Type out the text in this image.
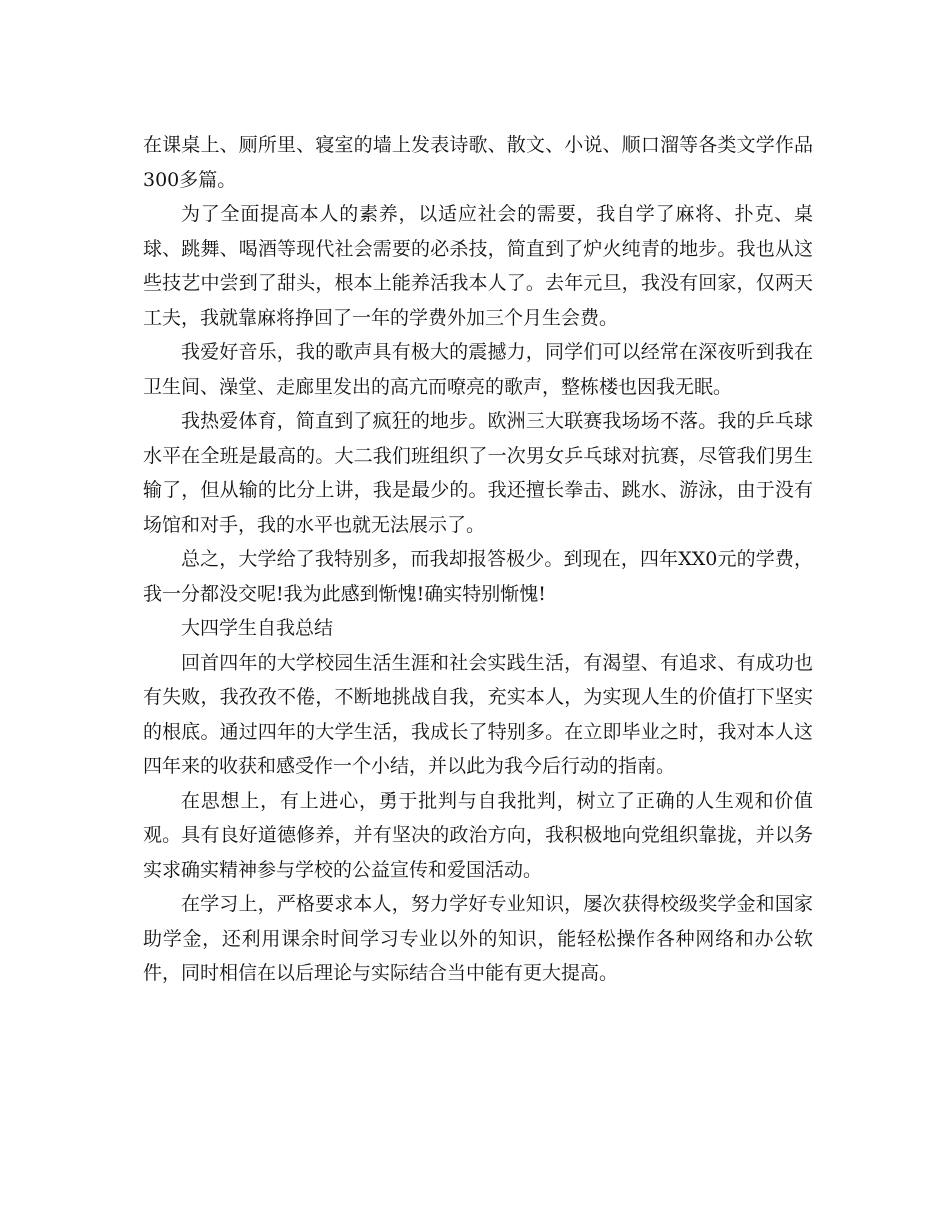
在课桌上、厕所里、寝室的墙上发表诗歌、散文、小说、顺口溜等各类文学作品300多篇。

为了全面提高本人的素养，以适应社会的需要，我自学了麻将、扑克、桌球、跳舞、喝酒等现代社会需要的必杀技，简直到了炉火纯青的地步。我也从这些技艺中尝到了甜头，根本上能养活我本人了。去年元旦，我没有回家，仅两天工夫，我就靠麻将挣回了一年的学费外加三个月生会费。

我爱好音乐，我的歌声具有极大的震撼力，同学们可以经常在深夜听到我在卫生间、澡堂、走廊里发出的高亢而嘹亮的歌声，整栋楼也因我无眠。

我热爱体育，简直到了疯狂的地步。欧洲三大联赛我场场不落。我的乒乓球水平在全班是最高的。大二我们班组织了一次男女乒乓球对抗赛，尽管我们男生输了，但从输的比分上讲，我是最少的。我还擅长拳击、跳水、游泳，由于没有场馆和对手，我的水平也就无法展示了。

总之，大学给了我特别多，而我却报答极少。到现在，四年XX0元的学费，我一分都没交呢!我为此感到惭愧!确实特别惭愧!

大四学生自我总结

回首四年的大学校园生活生涯和社会实践生活，有渴望、有追求、有成功也有失败，我孜孜不倦，不断地挑战自我，充实本人，为实现人生的价值打下坚实的根底。通过四年的大学生活，我成长了特别多。在立即毕业之时，我对本人这四年来的收获和感受作一个小结，并以此为我今后行动的指南。

在思想上，有上进心，勇于批判与自我批判，树立了正确的人生观和价值观。具有良好道德修养，并有坚决的政治方向，我积极地向党组织靠拢，并以务实求确实精神参与学校的公益宣传和爱国活动。

在学习上，严格要求本人，努力学好专业知识，屡次获得校级奖学金和国家助学金，还利用课余时间学习专业以外的知识，能轻松操作各种网络和办公软件，同时相信在以后理论与实际结合当中能有更大提高。
